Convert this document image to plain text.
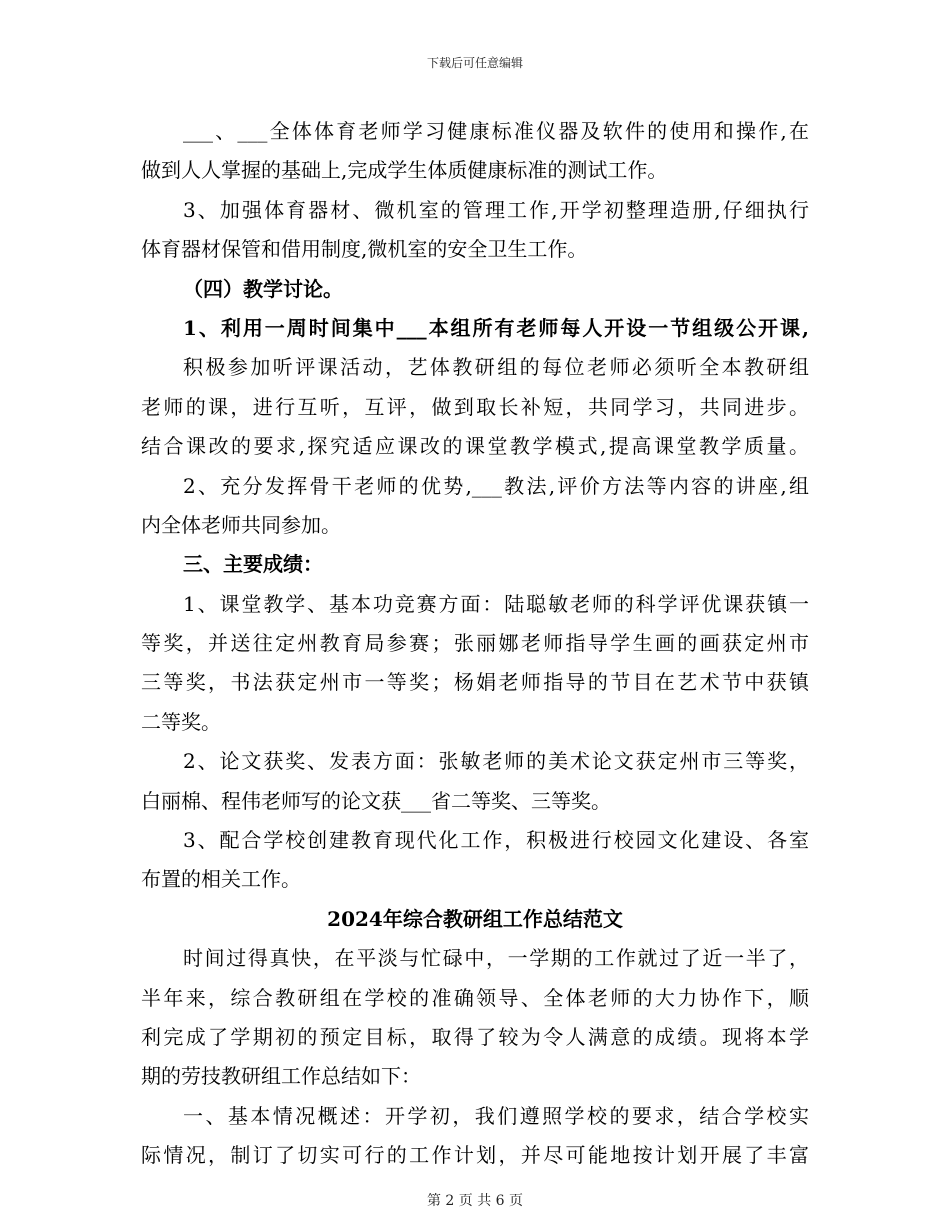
下载后可任意编辑
___、___全体体育老师学习健康标准仪器及软件的使用和操作,在
做到人人掌握的基础上,完成学生体质健康标准的测试工作。
3、加强体育器材、微机室的管理工作,开学初整理造册,仔细执行
体育器材保管和借用制度,微机室的安全卫生工作。
（四）教学讨论。
1、利用一周时间集中___本组所有老师每人开设一节组级公开课,
积极参加听评课活动，艺体教研组的每位老师必须听全本教研组
老师的课，进行互听，互评，做到取长补短，共同学习，共同进步。
结合课改的要求,探究适应课改的课堂教学模式,提高课堂教学质量。
2、充分发挥骨干老师的优势,___教法,评价方法等内容的讲座,组
内全体老师共同参加。
三、主要成绩：
1、课堂教学、基本功竞赛方面：陆聪敏老师的科学评优课获镇一
等奖，并送往定州教育局参赛；张丽娜老师指导学生画的画获定州市
三等奖，书法获定州市一等奖；杨娟老师指导的节目在艺术节中获镇
二等奖。
2、论文获奖、发表方面：张敏老师的美术论文获定州市三等奖，
白丽棉、程伟老师写的论文获___省二等奖、三等奖。
3、配合学校创建教育现代化工作，积极进行校园文化建设、各室
布置的相关工作。
2024年综合教研组工作总结范文
时间过得真快，在平淡与忙碌中，一学期的工作就过了近一半了，
半年来，综合教研组在学校的准确领导、全体老师的大力协作下，顺
利完成了学期初的预定目标，取得了较为令人满意的成绩。现将本学
期的劳技教研组工作总结如下：
一、基本情况概述：开学初，我们遵照学校的要求，结合学校实
际情况，制订了切实可行的工作计划，并尽可能地按计划开展了丰富
第 2 页 共 6 页
